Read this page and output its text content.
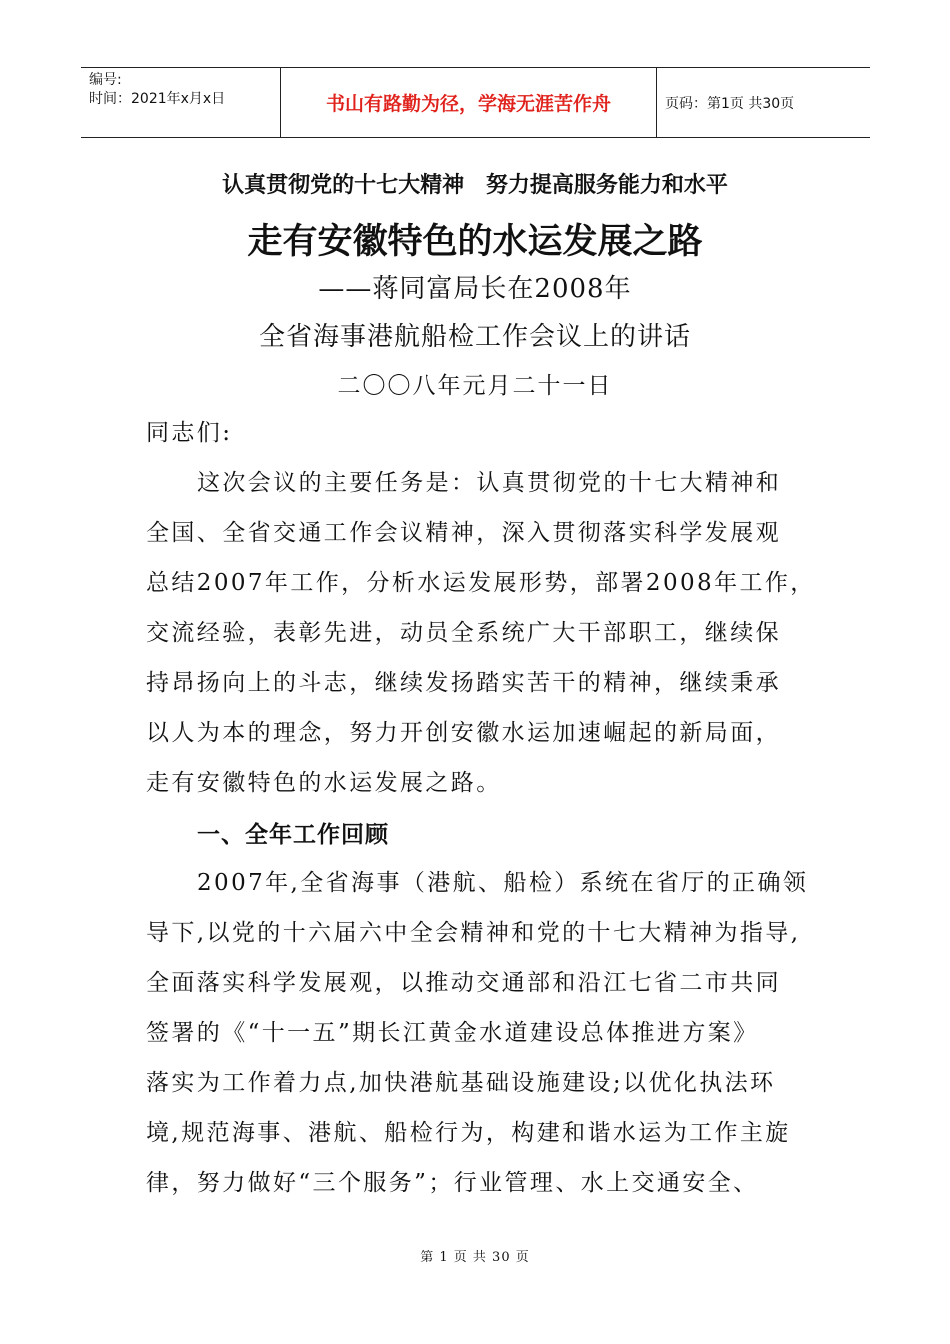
编号:
时间：2021年x月x日	书山有路勤为径，学海无涯苦作舟	页码：第1页 共30页
认真贯彻党的十七大精神 努力提高服务能力和水平
走有安徽特色的水运发展之路
——蒋同富局长在2008年
全省海事港航船检工作会议上的讲话
二〇〇八年元月二十一日
同志们:
这次会议的主要任务是：认真贯彻党的十七大精神和
全国、全省交通工作会议精神，深入贯彻落实科学发展观
总结2007年工作，分析水运发展形势，部署2008年工作，
交流经验，表彰先进，动员全系统广大干部职工，继续保
持昂扬向上的斗志，继续发扬踏实苦干的精神，继续秉承
以人为本的理念，努力开创安徽水运加速崛起的新局面，
走有安徽特色的水运发展之路。
一、全年工作回顾
2007年,全省海事（港航、船检）系统在省厅的正确领
导下,以党的十六届六中全会精神和党的十七大精神为指导,
全面落实科学发展观，以推动交通部和沿江七省二市共同
签署的《“十一五”期长江黄金水道建设总体推进方案》
落实为工作着力点,加快港航基础设施建设;以优化执法环
境,规范海事、港航、船检行为，构建和谐水运为工作主旋
律，努力做好“三个服务”；行业管理、水上交通安全、
第 1 页 共 30 页
